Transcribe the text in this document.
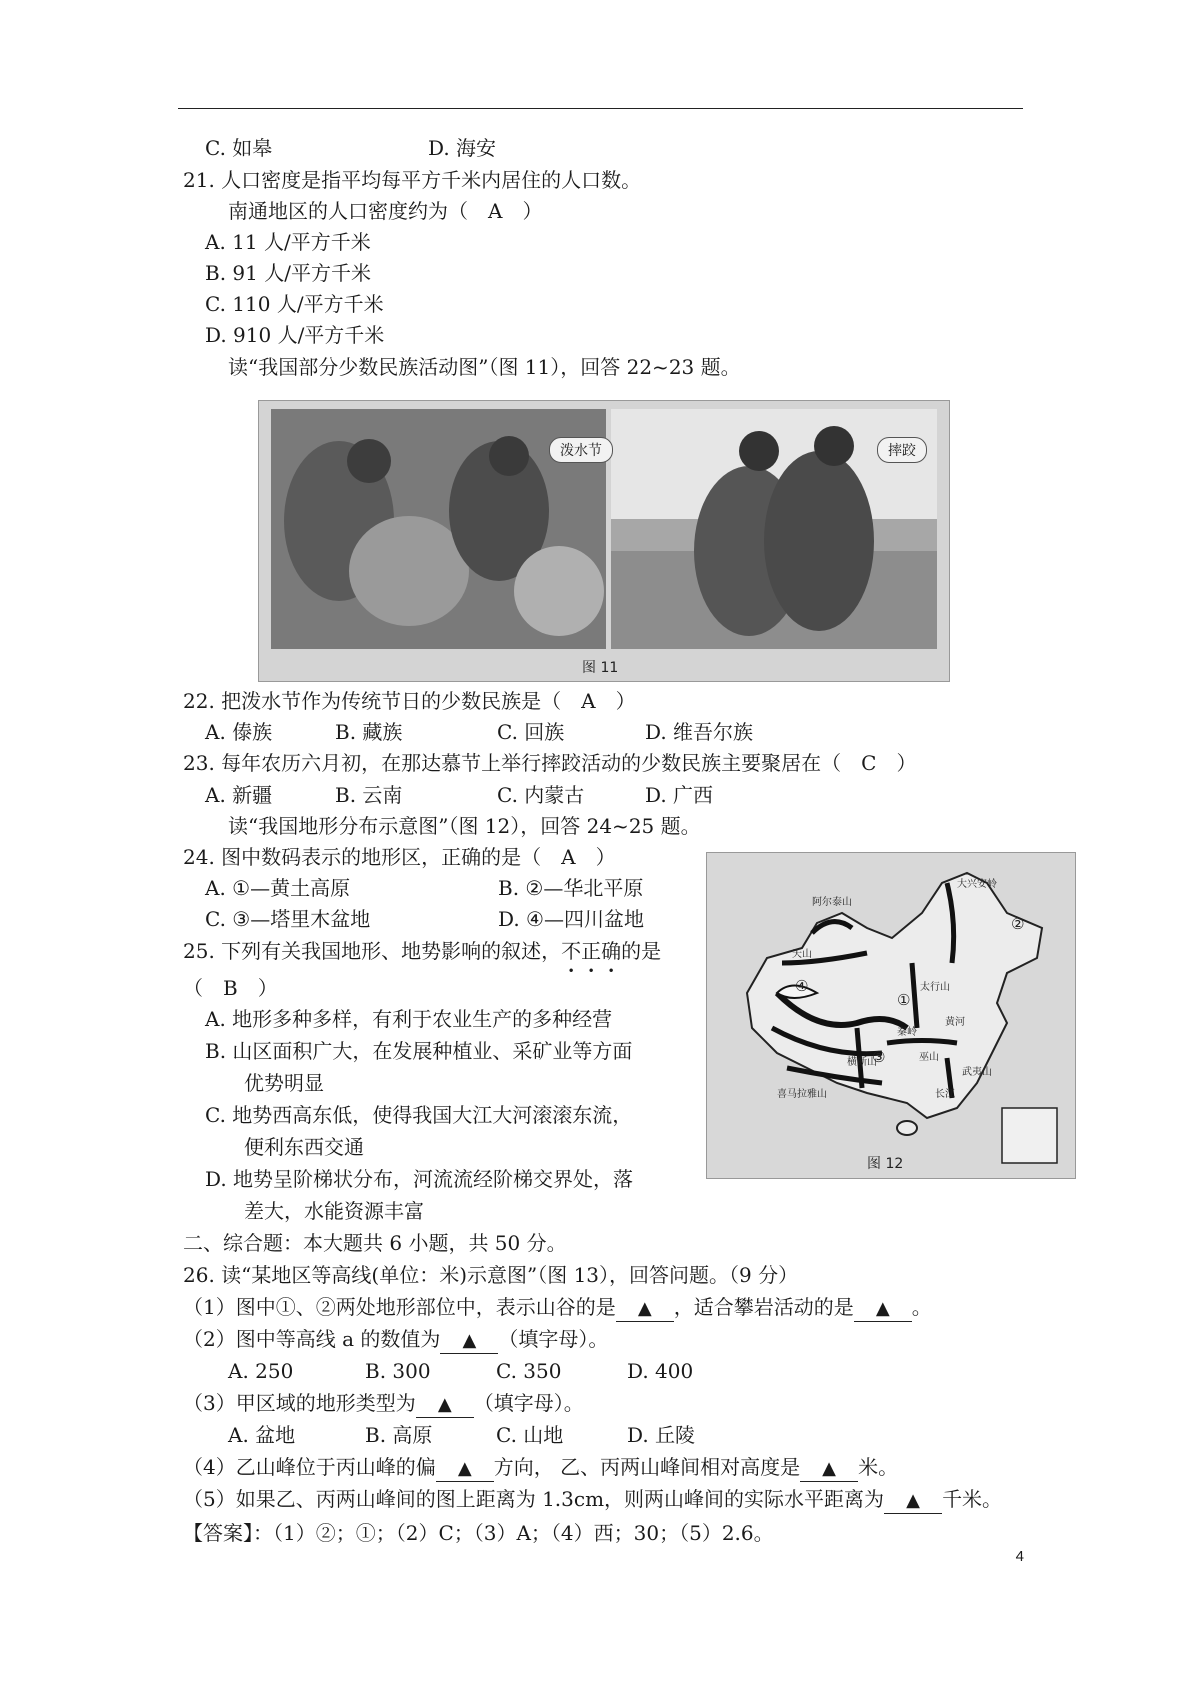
C. 如皋	D. 海安
21. 人口密度是指平均每平方千米内居住的人口数。
南通地区的人口密度约为（　A　）
A. 11 人/平方千米
B. 91 人/平方千米
C. 110 人/平方千米
D. 910 人/平方千米
读“我国部分少数民族活动图”（图 11），回答 22~23 题。
泼水节	摔跤
图 11
22. 把泼水节作为传统节日的少数民族是（　A　）
A. 傣族	B. 藏族	C. 回族	D. 维吾尔族
23. 每年农历六月初，在那达慕节上举行摔跤活动的少数民族主要聚居在（　C　）
A. 新疆	B. 云南	C. 内蒙古	D. 广西
读“我国地形分布示意图”（图 12），回答 24~25 题。
24. 图中数码表示的地形区，正确的是（　A　）
A. ①—黄土高原	B. ②—华北平原
C. ③—塔里木盆地	D. ④—四川盆地
25. 下列有关我国地形、地势影响的叙述，不正确的是
（　B　）
A. 地形多种多样，有利于农业生产的多种经营
B. 山区面积广大，在发展种植业、采矿业等方面
优势明显
C. 地势西高东低，使得我国大江大河滚滚东流，
便利东西交通
D. 地势呈阶梯状分布，河流流经阶梯交界处，落
差大，水能资源丰富
④
②
①
③
阿尔泰山
天山
大兴安岭
太行山
秦岭
黄河
喜马拉雅山
横断山	巫山
长江
武夷山
图 12
二、综合题：本大题共 6 小题，共 50 分。
26. 读“某地区等高线(单位：米)示意图”（图 13），回答问题。（9 分）
（1）图中①、②两处地形部位中，表示山谷的是 ▲ ，适合攀岩活动的是 ▲ 。
（2）图中等高线 a 的数值为 ▲ （填字母）。
A. 250	B. 300	C. 350	D. 400
（3）甲区域的地形类型为 ▲ （填字母）。
A. 盆地	B. 高原	C. 山地	D. 丘陵
（4）乙山峰位于丙山峰的偏 ▲ 方向， 乙、丙两山峰间相对高度是 ▲ 米。
（5）如果乙、丙两山峰间的图上距离为 1.3cm，则两山峰间的实际水平距离为 ▲ 千米。
【答案】：（1）②；①；（2）C；（3）A；（4）西；30；（5）2.6。
4
